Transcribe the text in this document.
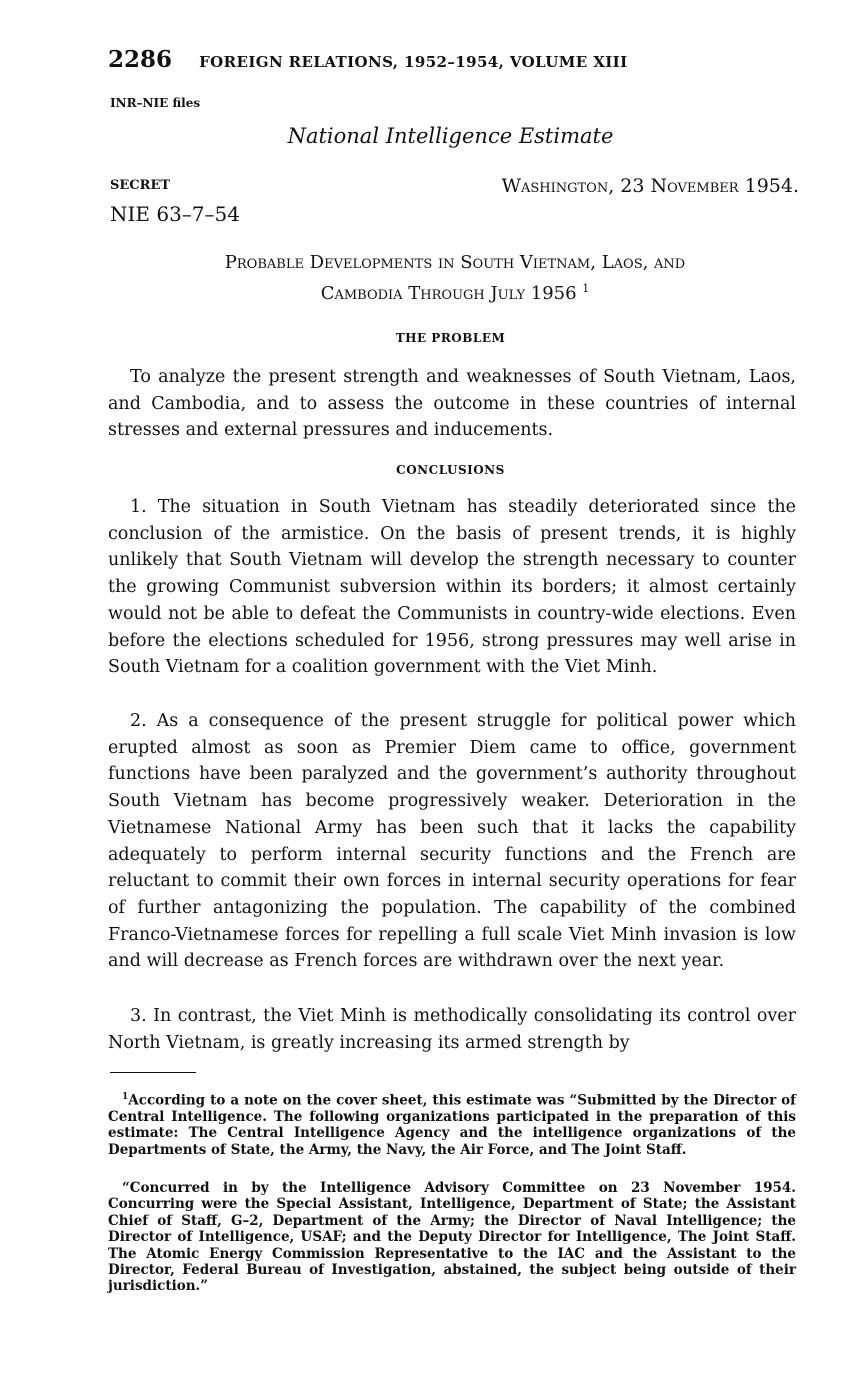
2286 FOREIGN RELATIONS, 1952–1954, VOLUME XIII
INR–NIE files
National Intelligence Estimate
SECRET	Washington, 23 November 1954.
NIE 63–7–54
Probable Developments in South Vietnam, Laos, and
Cambodia Through July 1956 $^1$
THE PROBLEM
To analyze the present strength and weaknesses of South Vietnam, Laos, and Cambodia, and to assess the outcome in these countries of internal stresses and external pressures and inducements.
CONCLUSIONS
1. The situation in South Vietnam has steadily deteriorated since the conclusion of the armistice. On the basis of present trends, it is highly unlikely that South Vietnam will develop the strength necessary to counter the growing Communist subversion within its borders; it almost certainly would not be able to defeat the Communists in country-wide elections. Even before the elections scheduled for 1956, strong pressures may well arise in South Vietnam for a coalition government with the Viet Minh.
2. As a consequence of the present struggle for political power which erupted almost as soon as Premier Diem came to office, government functions have been paralyzed and the government’s authority throughout South Vietnam has become progressively weaker. Deterioration in the Vietnamese National Army has been such that it lacks the capability adequately to perform internal security functions and the French are reluctant to commit their own forces in internal security operations for fear of further antagonizing the population. The capability of the combined Franco-Vietnamese forces for repelling a full scale Viet Minh invasion is low and will decrease as French forces are withdrawn over the next year.
3. In contrast, the Viet Minh is methodically consolidating its control over North Vietnam, is greatly increasing its armed strength by
$^1$According to a note on the cover sheet, this estimate was “Submitted by the Director of Central Intelligence. The following organizations participated in the preparation of this estimate: The Central Intelligence Agency and the intelligence organizations of the Departments of State, the Army, the Navy, the Air Force, and The Joint Staff.
“Concurred in by the Intelligence Advisory Committee on 23 November 1954. Concurring were the Special Assistant, Intelligence, Department of State; the Assistant Chief of Staff, G–2, Department of the Army; the Director of Naval Intelligence; the Director of Intelligence, USAF; and the Deputy Director for Intelligence, The Joint Staff. The Atomic Energy Commission Representative to the IAC and the Assistant to the Director, Federal Bureau of Investigation, abstained, the subject being outside of their jurisdiction.”
